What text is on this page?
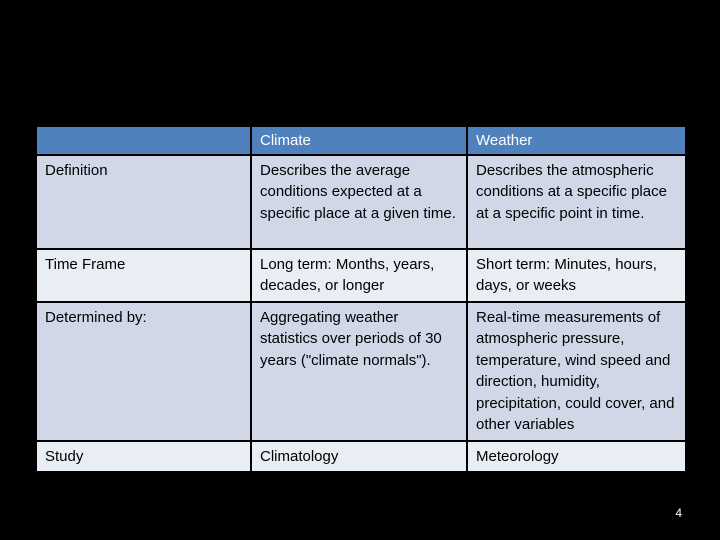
	Climate	Weather
Definition	Describes the average conditions expected at a specific place at a given time.	Describes the atmospheric conditions at a specific place at a specific point in time.
Time Frame	Long term: Months, years, decades, or longer	Short term: Minutes, hours, days, or weeks
Determined by:	Aggregating weather statistics over periods of 30 years ("climate normals").	Real-time measurements of atmospheric pressure, temperature, wind speed and direction, humidity, precipitation, could cover, and other variables
Study	Climatology	Meteorology
4
